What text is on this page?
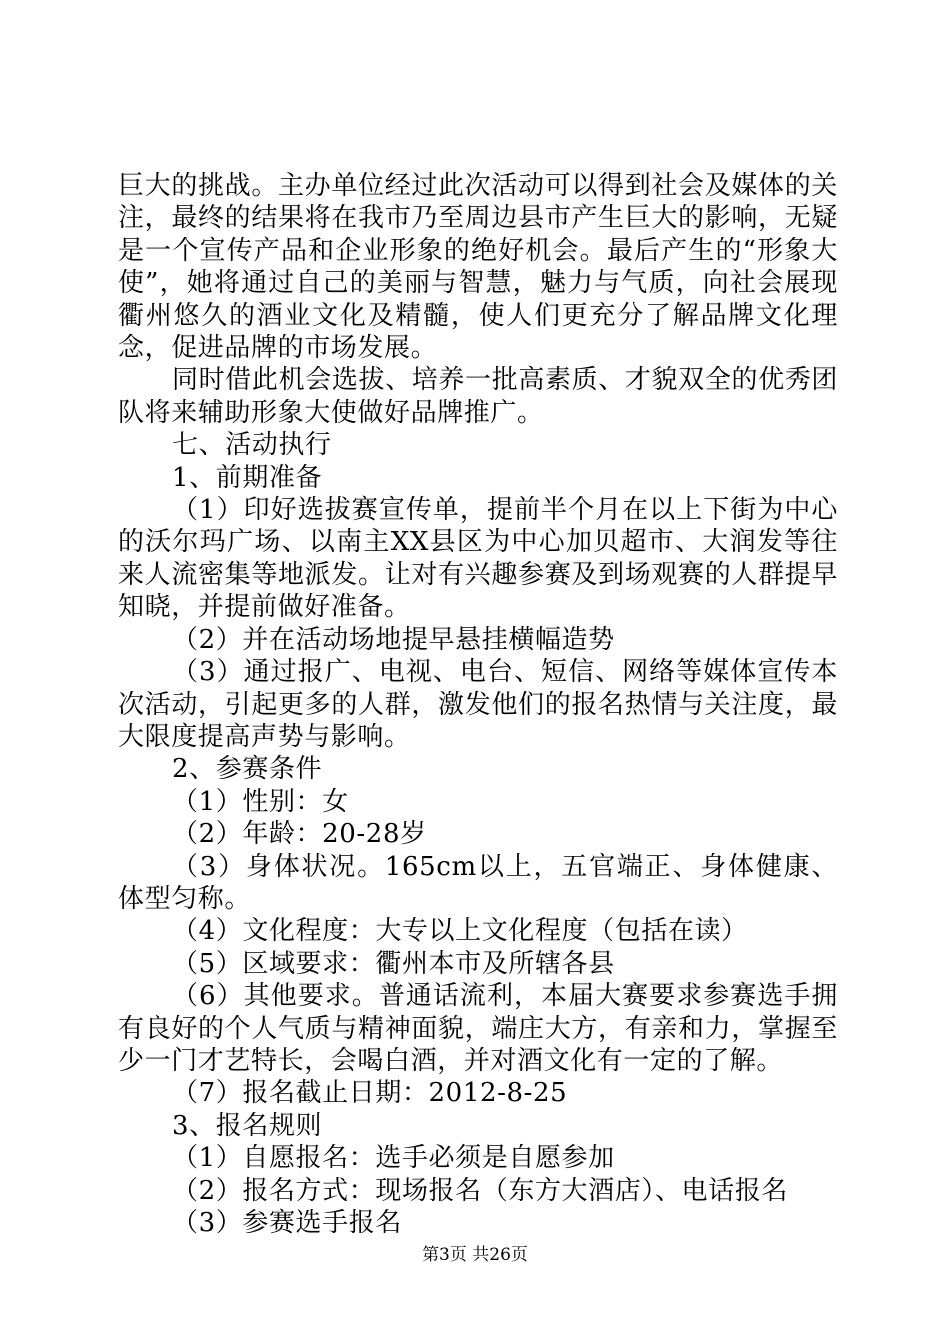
巨大的挑战。主办单位经过此次活动可以得到社会及媒体的关注，最终的结果将在我市乃至周边县市产生巨大的影响，无疑是一个宣传产品和企业形象的绝好机会。最后产生的“形象大使”，她将通过自己的美丽与智慧，魅力与气质，向社会展现衢州悠久的酒业文化及精髓，使人们更充分了解品牌文化理念，促进品牌的市场发展。

同时借此机会选拔、培养一批高素质、才貌双全的优秀团队将来辅助形象大使做好品牌推广。

七、活动执行

1、前期准备

（1）印好选拔赛宣传单，提前半个月在以上下街为中心的沃尔玛广场、以南主XX县区为中心加贝超市、大润发等往来人流密集等地派发。让对有兴趣参赛及到场观赛的人群提早知晓，并提前做好准备。

（2）并在活动场地提早悬挂横幅造势

（3）通过报广、电视、电台、短信、网络等媒体宣传本次活动，引起更多的人群，激发他们的报名热情与关注度，最大限度提高声势与影响。

2、参赛条件

（1）性别：女

（2）年龄：20-28岁

（3）身体状况。165cm以上，五官端正、身体健康、体型匀称。

（4）文化程度：大专以上文化程度（包括在读）

（5）区域要求：衢州本市及所辖各县

（6）其他要求。普通话流利，本届大赛要求参赛选手拥有良好的个人气质与精神面貌，端庄大方，有亲和力，掌握至少一门才艺特长，会喝白酒，并对酒文化有一定的了解。

（7）报名截止日期：2012-8-25

3、报名规则

（1）自愿报名：选手必须是自愿参加

（2）报名方式：现场报名（东方大酒店）、电话报名

（3）参赛选手报名

第3页 共26页
